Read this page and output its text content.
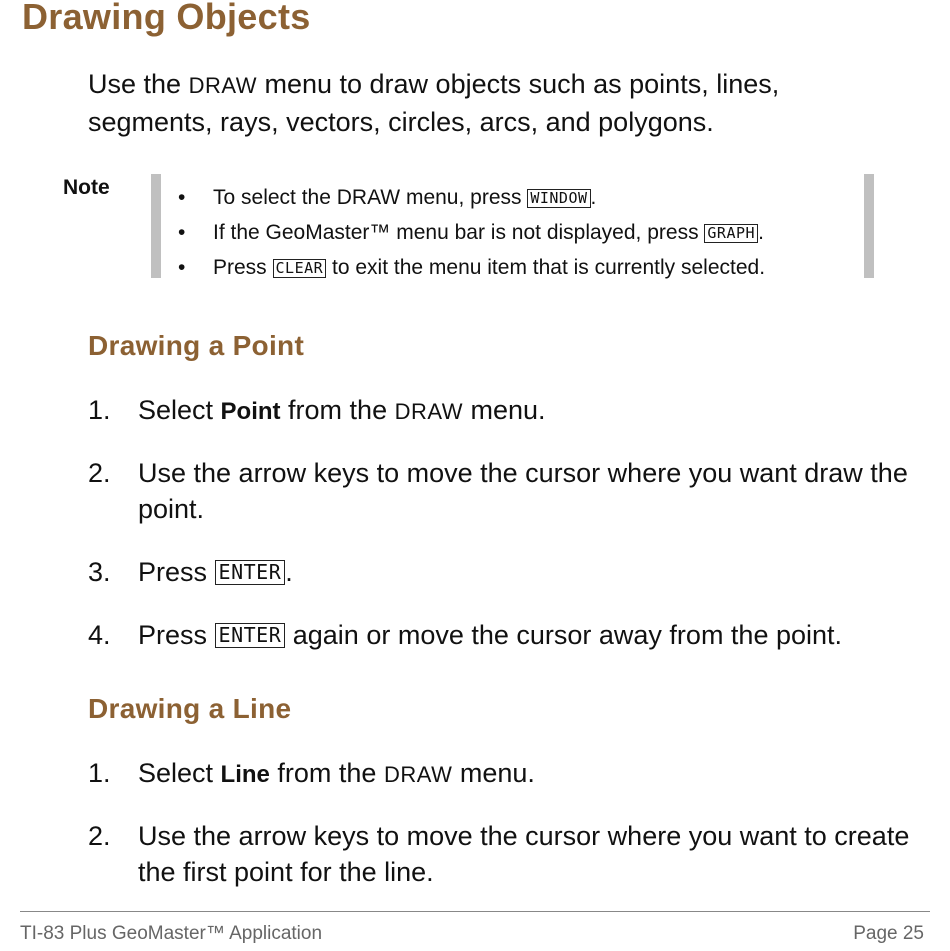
Drawing Objects

Use the DRAW menu to draw objects such as points, lines, segments, rays, vectors, circles, arcs, and polygons.

Note	• To select the DRAW menu, press WINDOW .
• If the GeoMaster™ menu bar is not displayed, press GRAPH .
• Press CLEAR to exit the menu item that is currently selected.
Drawing a Point
1. Select Point from the DRAW menu.
2. Use the arrow keys to move the cursor where you want draw the point.
3. Press ENTER .
4. Press ENTER again or move the cursor away from the point.
Drawing a Line
1. Select Line from the DRAW menu.
2. Use the arrow keys to move the cursor where you want to create the first point for the line.
TI-83 Plus GeoMaster™ Application	Page 25
